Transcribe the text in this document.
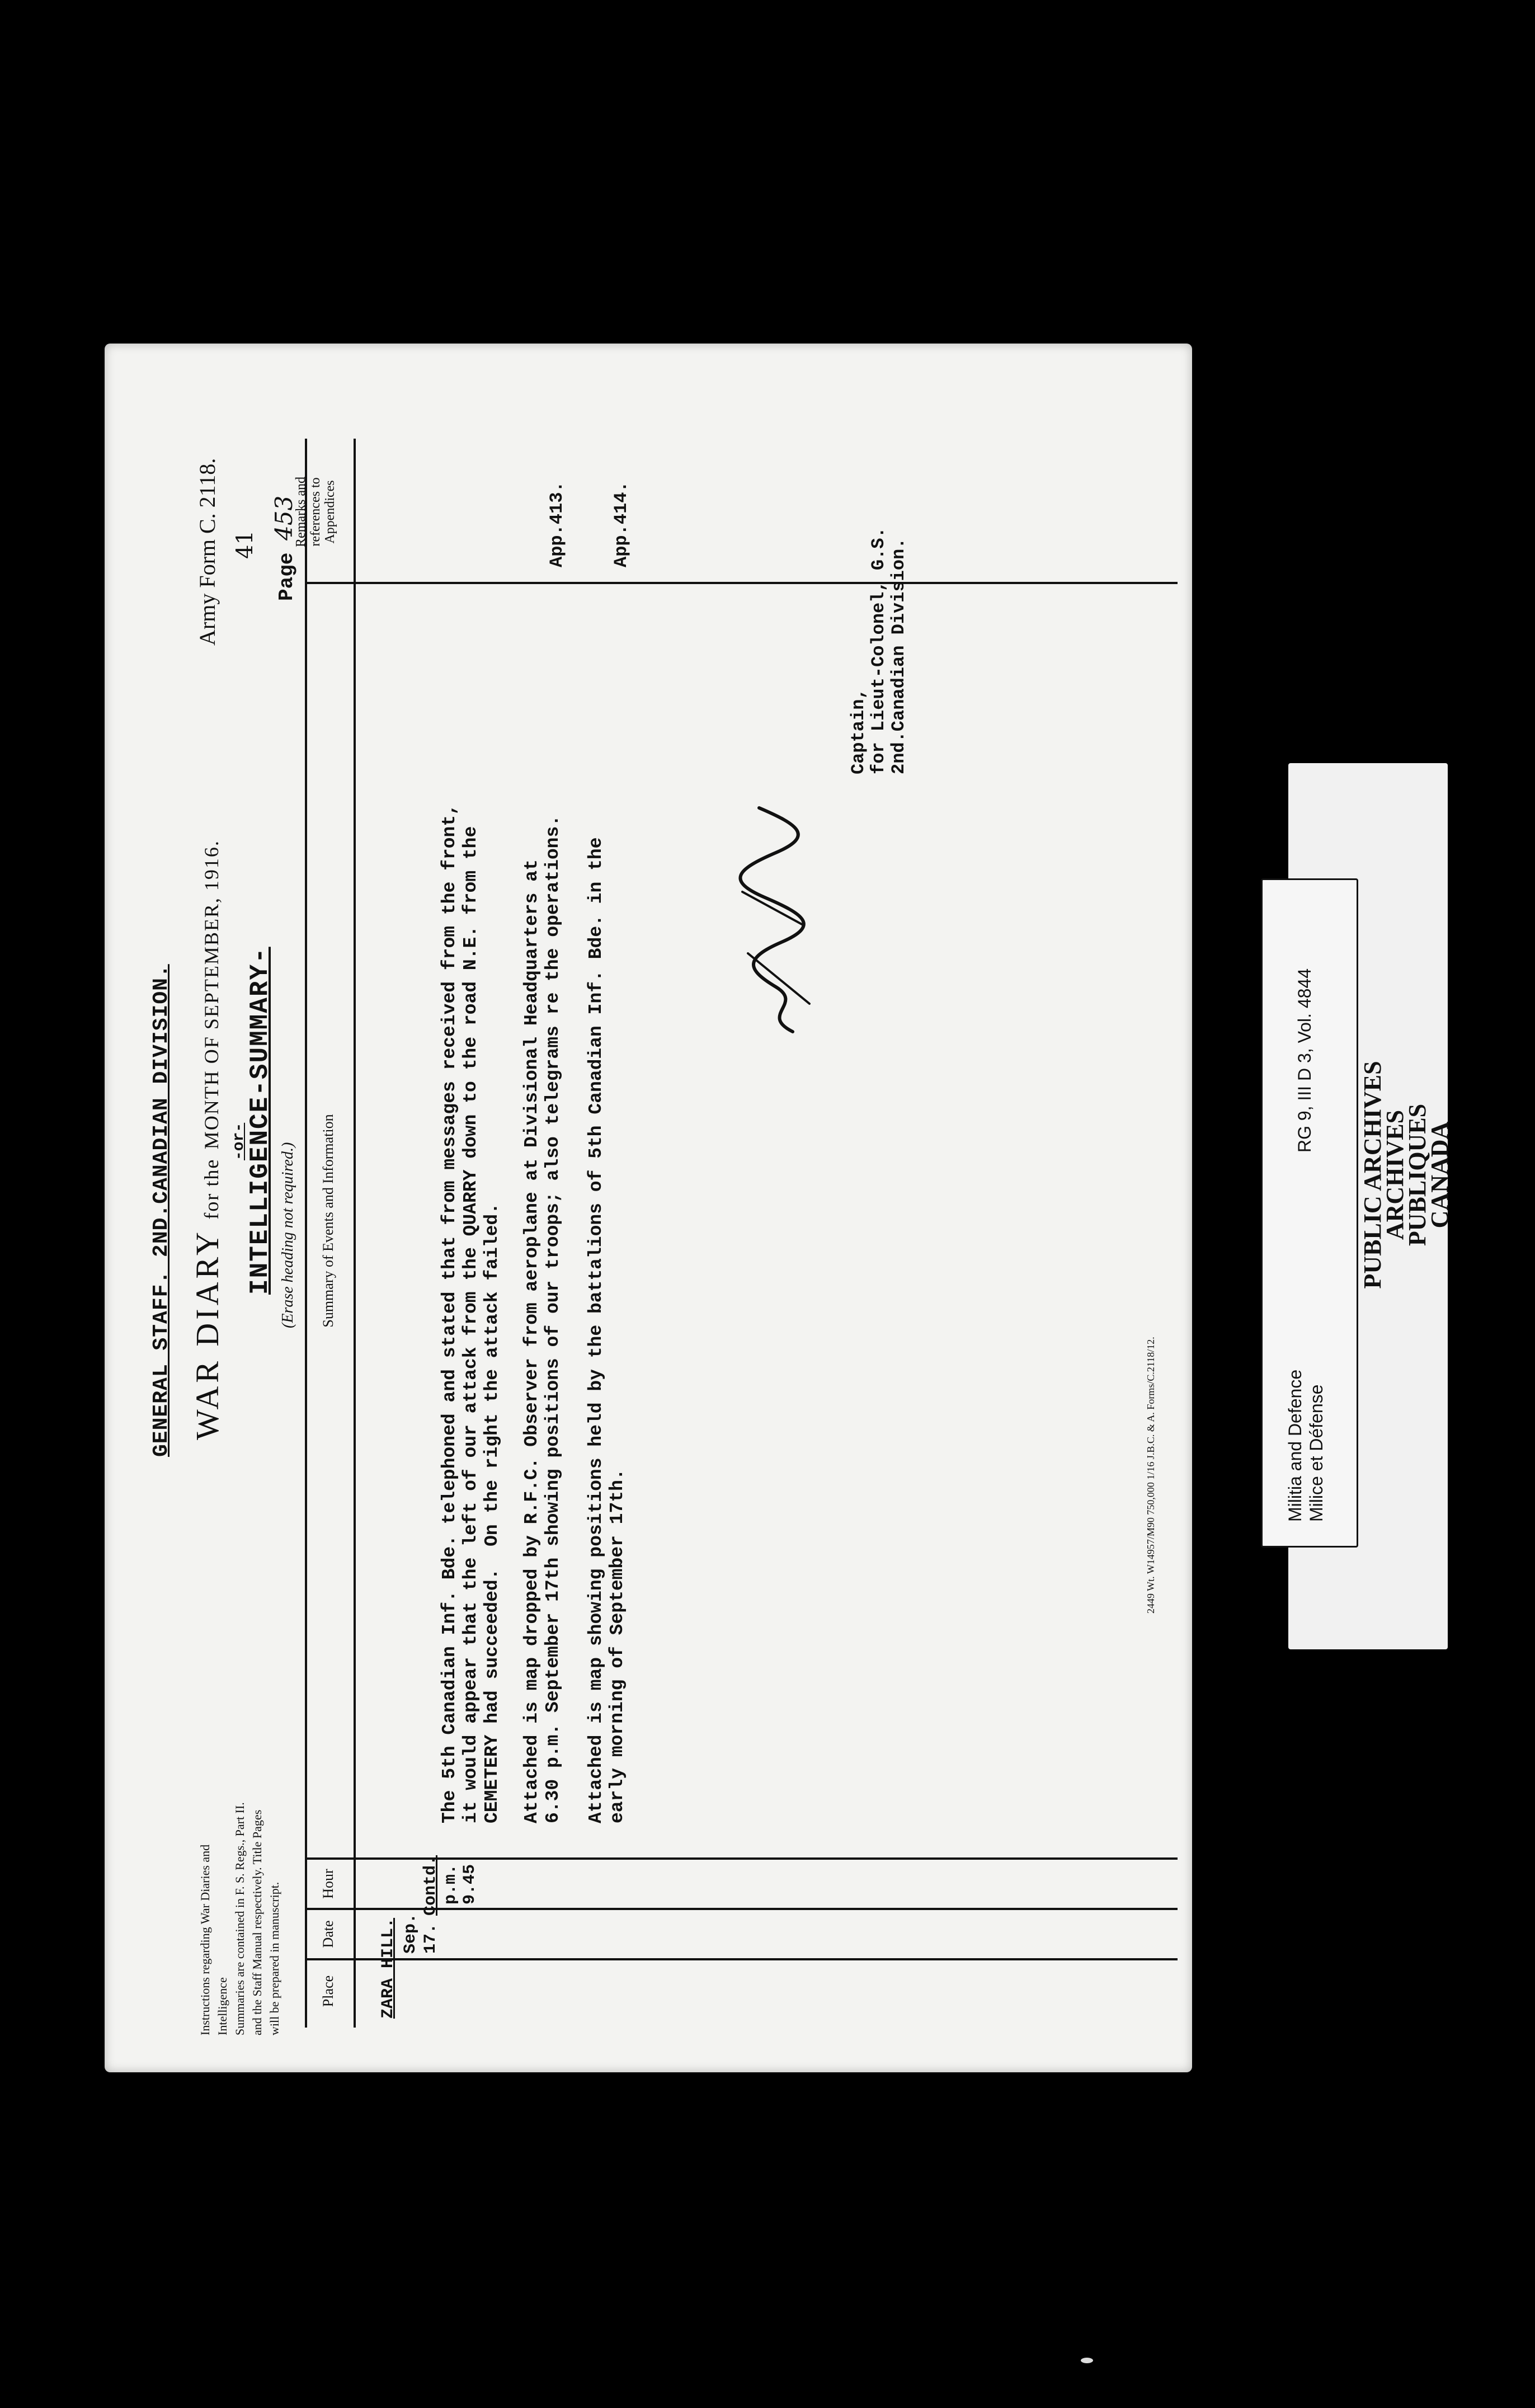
Instructions regarding War Diaries and Intelligence Summaries are contained in F. S. Regs., Part II. and the Staff Manual respectively. Title Pages will be prepared in manuscript.
GENERAL STAFF. 2ND.CANADIAN DIVISION. WAR DIARY for the MONTH OF SEPTEMBER, 1916.
Army Form C. 2118.
-or-
INTELLIGENCE-SUMMARY- (Erase heading not required.)
41
Page 453
Place
Date
Hour
Summary of Events and Information
Remarks and references to Appendices
ZARA HILL. Sep. 17.
Contd. p.m. 9.45
The 5th Canadian Inf. Bde. telephoned and stated that from messages received from the front,
it would appear that the left of our attack from the QUARRY down to the road N.E. from the
CEMETERY had succeeded.  On the right the attack failed.
Attached is map dropped by R.F.C. Observer from aeroplane at Divisional Headquarters at
6.30 p.m. September 17th showing positions of our troops; also telegrams re the operations.
Attached is map showing positions held by the battalions of 5th Canadian Inf. Bde. in the
early morning of September 17th.
App.413. App.414.
Captain,
for Lieut-Colonel, G.S.
2nd.Canadian Division.
2449 Wt. W14957/M90 750,000 1/16 J.B.C. & A. Forms/C.2118/12.	Militia and Defence
Milice et Défense
RG 9, III D 3, Vol. 4844
PUBLIC ARCHIVES
ARCHIVES PUBLIQUES
CANADA
